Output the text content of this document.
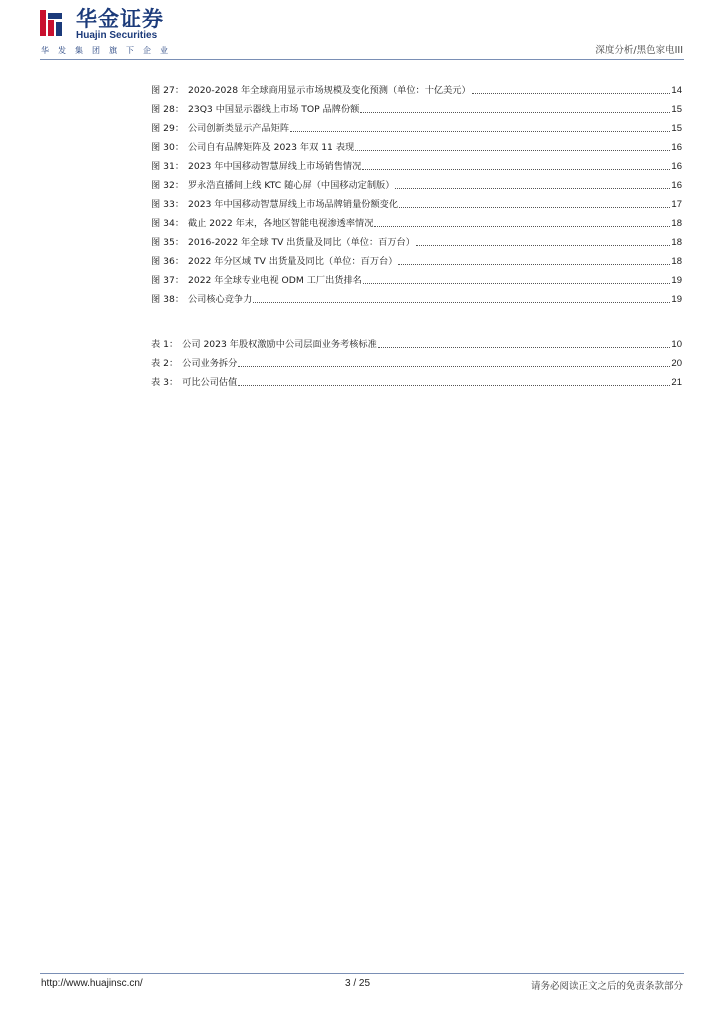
华金证券
Huajin Securities
华发集团旗下企业	深度分析/黑色家电III
图 27 ： 2020-2028 年全球商用显示市场规模及变化预测（单位：十亿美元）	14
图 28 ： 23Q3 中国显示器线上市场 TOP 品牌份额	15
图 29 ： 公司创新类显示产品矩阵	15
图 30 ： 公司自有品牌矩阵及 2023 年双 11 表现	16
图 31 ： 2023 年中国移动智慧屏线上市场销售情况	16
图 32 ： 罗永浩直播间上线 KTC 随心屏（中国移动定制版）	16
图 33 ： 2023 年中国移动智慧屏线上市场品牌销量份额变化	17
图 34 ： 截止 2022 年末，各地区智能电视渗透率情况	18
图 35 ： 2016-2022 年全球 TV 出货量及同比（单位：百万台）	18
图 36 ： 2022 年分区域 TV 出货量及同比（单位：百万台）	18
图 37 ： 2022 年全球专业电视 ODM 工厂出货排名	19
图 38 ： 公司核心竞争力	19
表 1 ： 公司 2023 年股权激励中公司层面业务考核标准	10
表 2 ： 公司业务拆分	20
表 3 ： 可比公司估值	21
http://www.huajinsc.cn/	3 / 25	请务必阅读正文之后的免责条款部分
